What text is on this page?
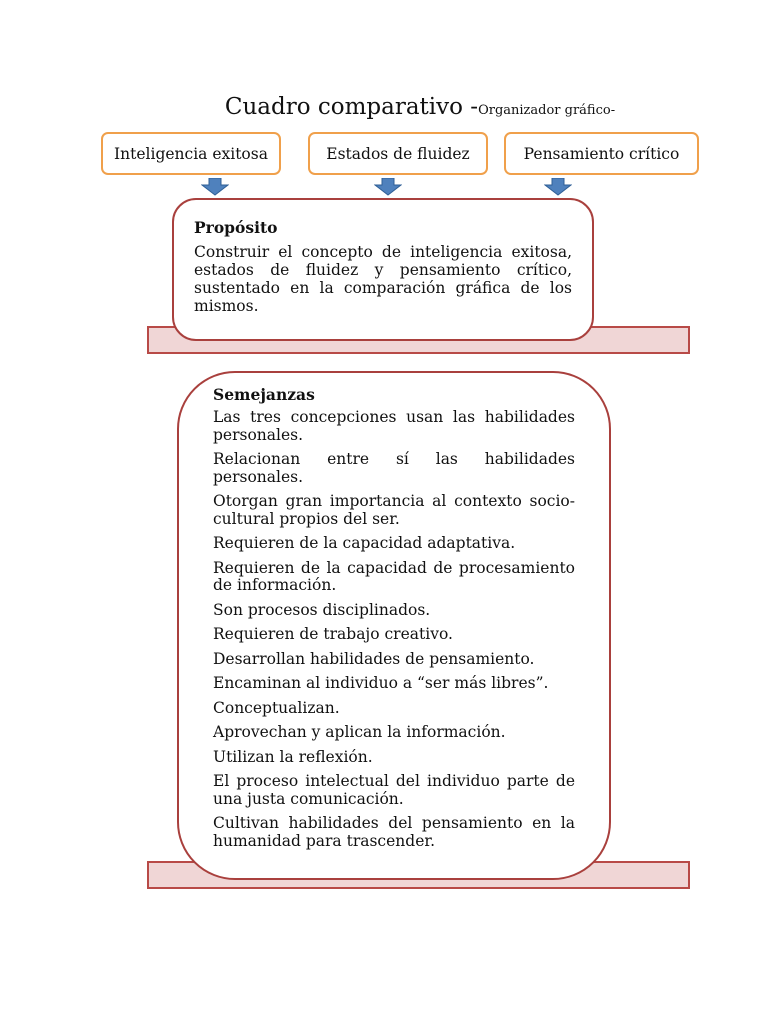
Cuadro comparativo -Organizador gráfico-
Inteligencia exitosa	Estados de fluidez	Pensamiento crítico
Propósito

Construir el concepto de inteligencia exitosa, estados de fluidez y pensamiento crítico, sustentado en la comparación gráfica de los mismos.

Semejanzas

Las tres concepciones usan las habilidades personales.

Relacionan entre sí las habilidades personales.

Otorgan gran importancia al contexto socio-cultural propios del ser.

Requieren de la capacidad adaptativa.

Requieren de la capacidad de procesamiento de información.

Son procesos disciplinados.

Requieren de trabajo creativo.

Desarrollan habilidades de pensamiento.

Encaminan al individuo a “ser más libres”.

Conceptualizan.

Aprovechan y aplican la información.

Utilizan la reflexión.

El proceso intelectual del individuo parte de una justa comunicación.

Cultivan habilidades del pensamiento en la humanidad para trascender.
